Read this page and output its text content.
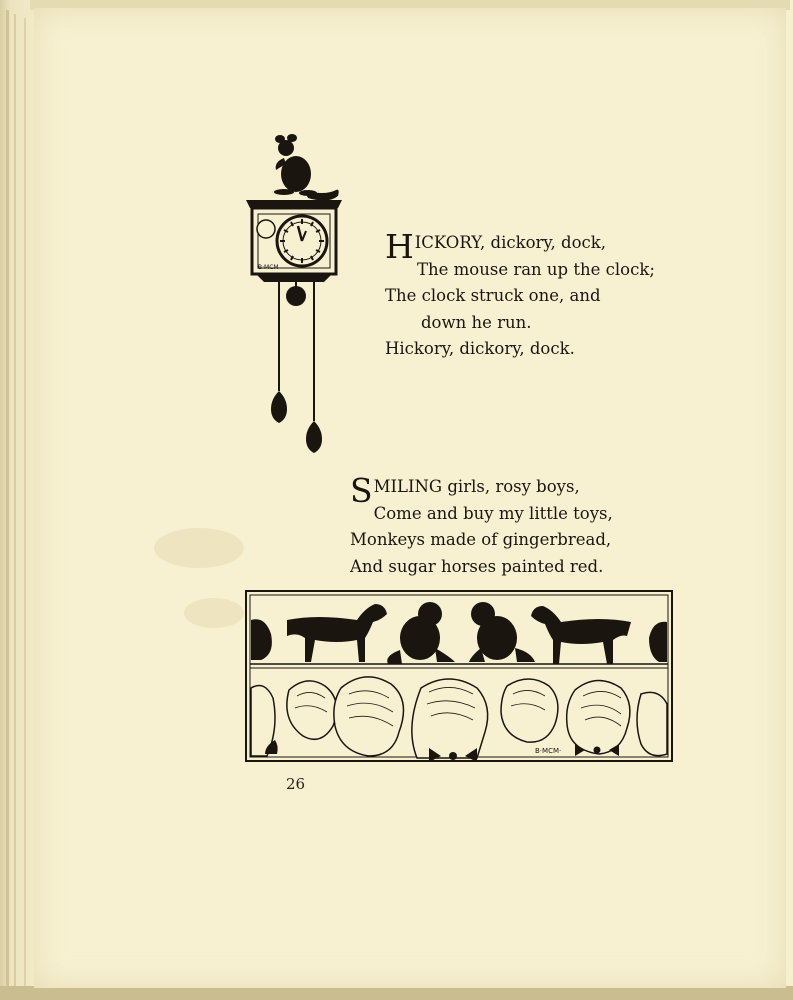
B·MCM
H ICKORY, dickory, dock,
The mouse ran up the clock;
The clock struck one, and
down he run.
Hickory, dickory, dock.
S MILING girls, rosy boys,
Come and buy my little toys,
Monkeys made of gingerbread,
And sugar horses painted red.
B·MCM·
26
